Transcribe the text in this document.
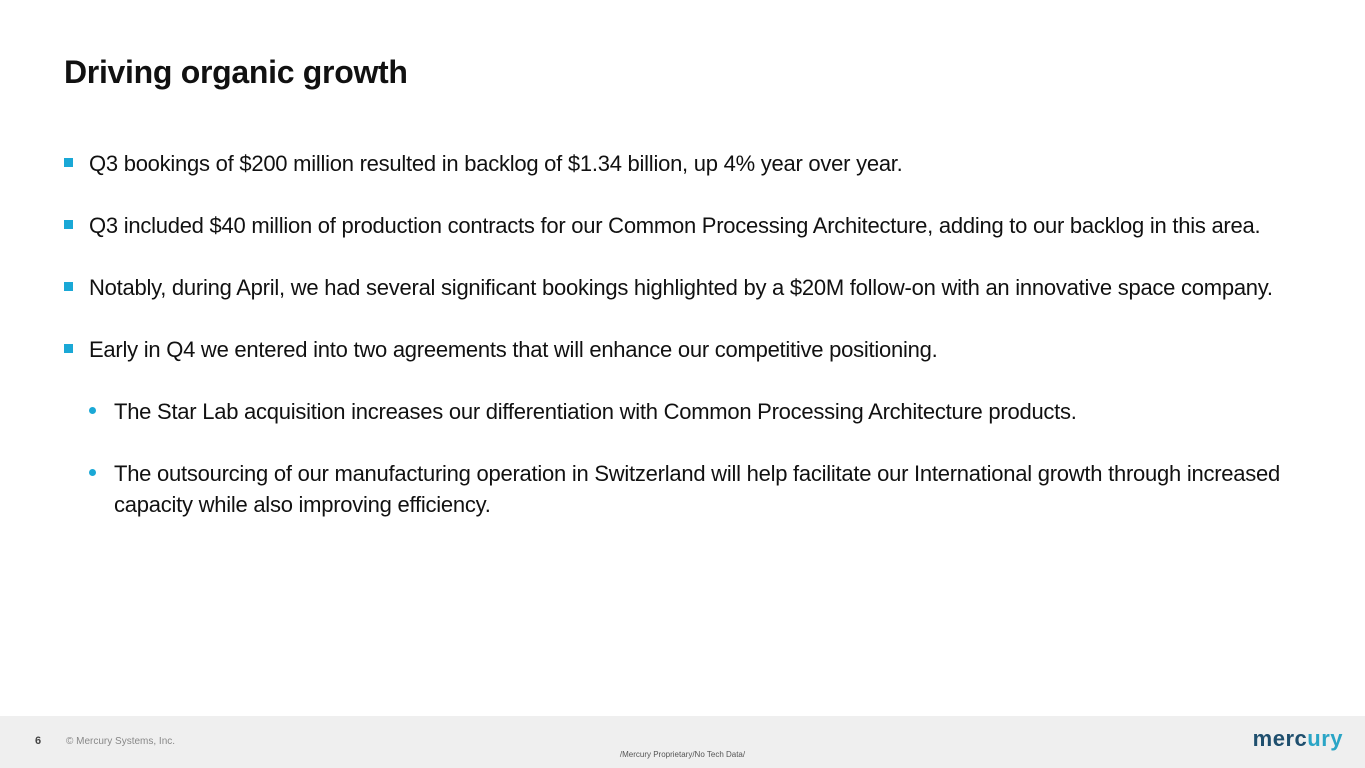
Driving organic growth
Q3 bookings of $200 million resulted in backlog of $1.34 billion, up 4% year over year.
Q3 included $40 million of production contracts for our Common Processing Architecture, adding to our backlog in this area.
Notably, during April, we had several significant bookings highlighted by a $20M follow-on with an innovative space company.
Early in Q4 we entered into two agreements that will enhance our competitive positioning.
The Star Lab acquisition increases our differentiation with Common Processing Architecture products.
The outsourcing of our manufacturing operation in Switzerland will help facilitate our International growth through increased capacity while also improving efficiency.
6 © Mercury Systems, Inc.
/Mercury Proprietary/No Tech Data/
mercury
